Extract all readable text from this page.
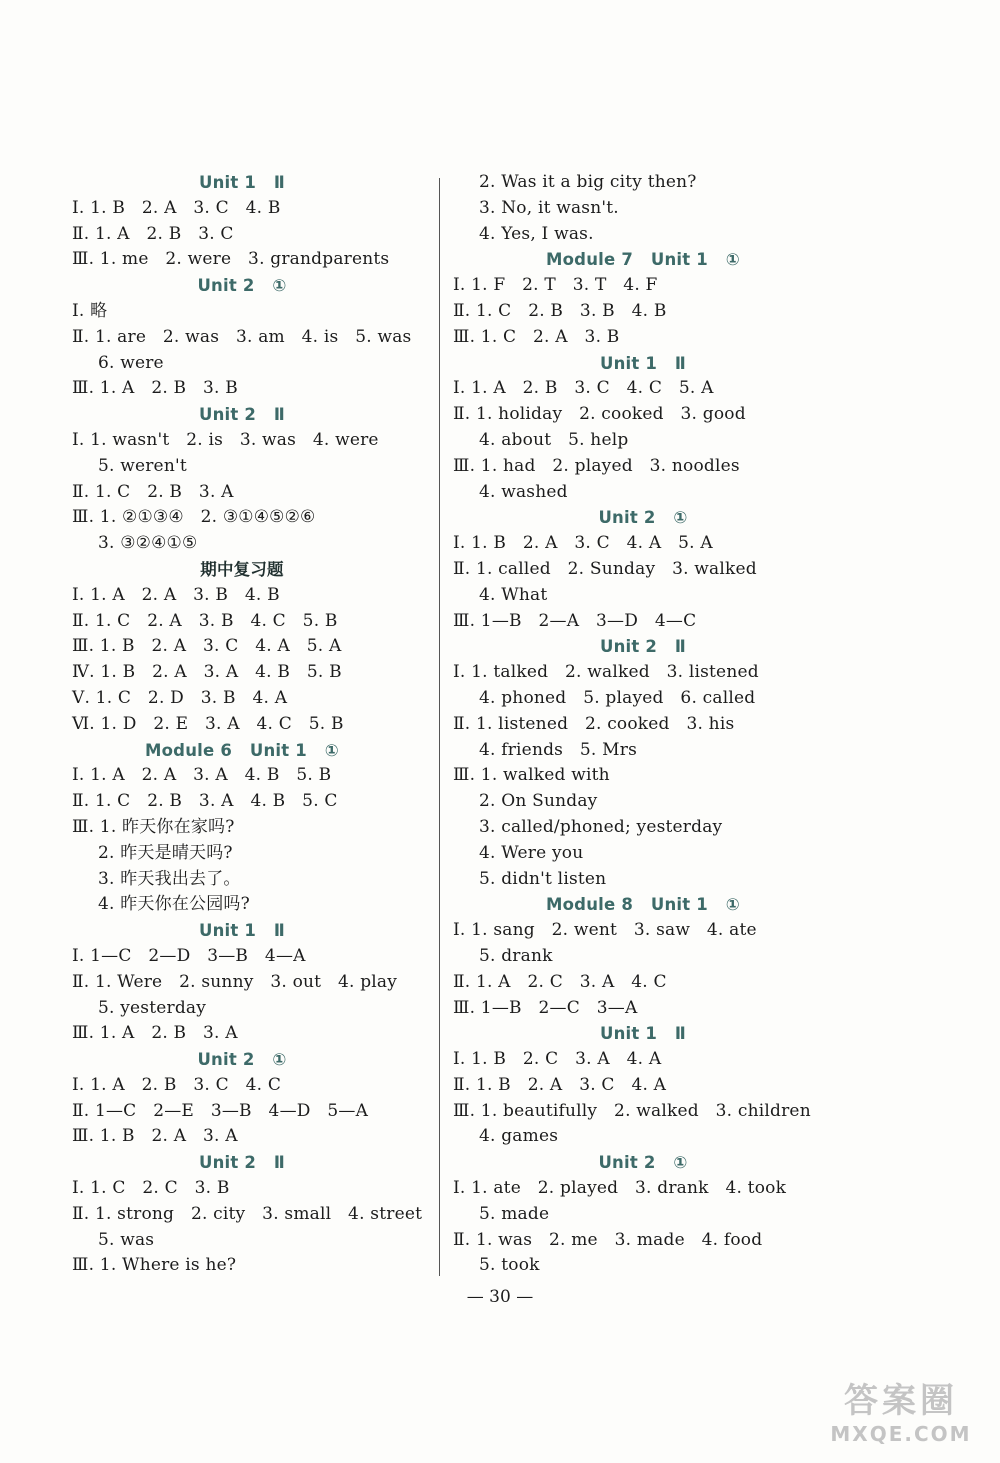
Unit 1   Ⅱ
Ⅰ. 1. B   2. A   3. C   4. B
Ⅱ. 1. A   2. B   3. C
Ⅲ. 1. me   2. were   3. grandparents
Unit 2   ①
Ⅰ. 略
Ⅱ. 1. are   2. was   3. am   4. is   5. was
6. were
Ⅲ. 1. A   2. B   3. B
Unit 2   Ⅱ
Ⅰ. 1. wasn't   2. is   3. was   4. were
5. weren't
Ⅱ. 1. C   2. B   3. A
Ⅲ. 1. ②①③④   2. ③①④⑤②⑥
3. ③②④①⑤
期中复习题
Ⅰ. 1. A   2. A   3. B   4. B
Ⅱ. 1. C   2. A   3. B   4. C   5. B
Ⅲ. 1. B   2. A   3. C   4. A   5. A
Ⅳ. 1. B   2. A   3. A   4. B   5. B
Ⅴ. 1. C   2. D   3. B   4. A
Ⅵ. 1. D   2. E   3. A   4. C   5. B
Module 6   Unit 1   ①
Ⅰ. 1. A   2. A   3. A   4. B   5. B
Ⅱ. 1. C   2. B   3. A   4. B   5. C
Ⅲ. 1. 昨天你在家吗?
2. 昨天是晴天吗?
3. 昨天我出去了。
4. 昨天你在公园吗?
Unit 1   Ⅱ
Ⅰ. 1—C   2—D   3—B   4—A
Ⅱ. 1. Were   2. sunny   3. out   4. play
5. yesterday
Ⅲ. 1. A   2. B   3. A
Unit 2   ①
Ⅰ. 1. A   2. B   3. C   4. C
Ⅱ. 1—C   2—E   3—B   4—D   5—A
Ⅲ. 1. B   2. A   3. A
Unit 2   Ⅱ
Ⅰ. 1. C   2. C   3. B
Ⅱ. 1. strong   2. city   3. small   4. street
5. was
Ⅲ. 1. Where is he?
2. Was it a big city then?
3. No, it wasn't.
4. Yes, I was.
Module 7   Unit 1   ①
Ⅰ. 1. F   2. T   3. T   4. F
Ⅱ. 1. C   2. B   3. B   4. B
Ⅲ. 1. C   2. A   3. B
Unit 1   Ⅱ
Ⅰ. 1. A   2. B   3. C   4. C   5. A
Ⅱ. 1. holiday   2. cooked   3. good
4. about   5. help
Ⅲ. 1. had   2. played   3. noodles
4. washed
Unit 2   ①
Ⅰ. 1. B   2. A   3. C   4. A   5. A
Ⅱ. 1. called   2. Sunday   3. walked
4. What
Ⅲ. 1—B   2—A   3—D   4—C
Unit 2   Ⅱ
Ⅰ. 1. talked   2. walked   3. listened
4. phoned   5. played   6. called
Ⅱ. 1. listened   2. cooked   3. his
4. friends   5. Mrs
Ⅲ. 1. walked with
2. On Sunday
3. called/phoned; yesterday
4. Were you
5. didn't listen
Module 8   Unit 1   ①
Ⅰ. 1. sang   2. went   3. saw   4. ate
5. drank
Ⅱ. 1. A   2. C   3. A   4. C
Ⅲ. 1—B   2—C   3—A
Unit 1   Ⅱ
Ⅰ. 1. B   2. C   3. A   4. A
Ⅱ. 1. B   2. A   3. C   4. A
Ⅲ. 1. beautifully   2. walked   3. children
4. games
Unit 2   ①
Ⅰ. 1. ate   2. played   3. drank   4. took
5. made
Ⅱ. 1. was   2. me   3. made   4. food
5. took
— 30 —
答案圈
MXQE.COM
